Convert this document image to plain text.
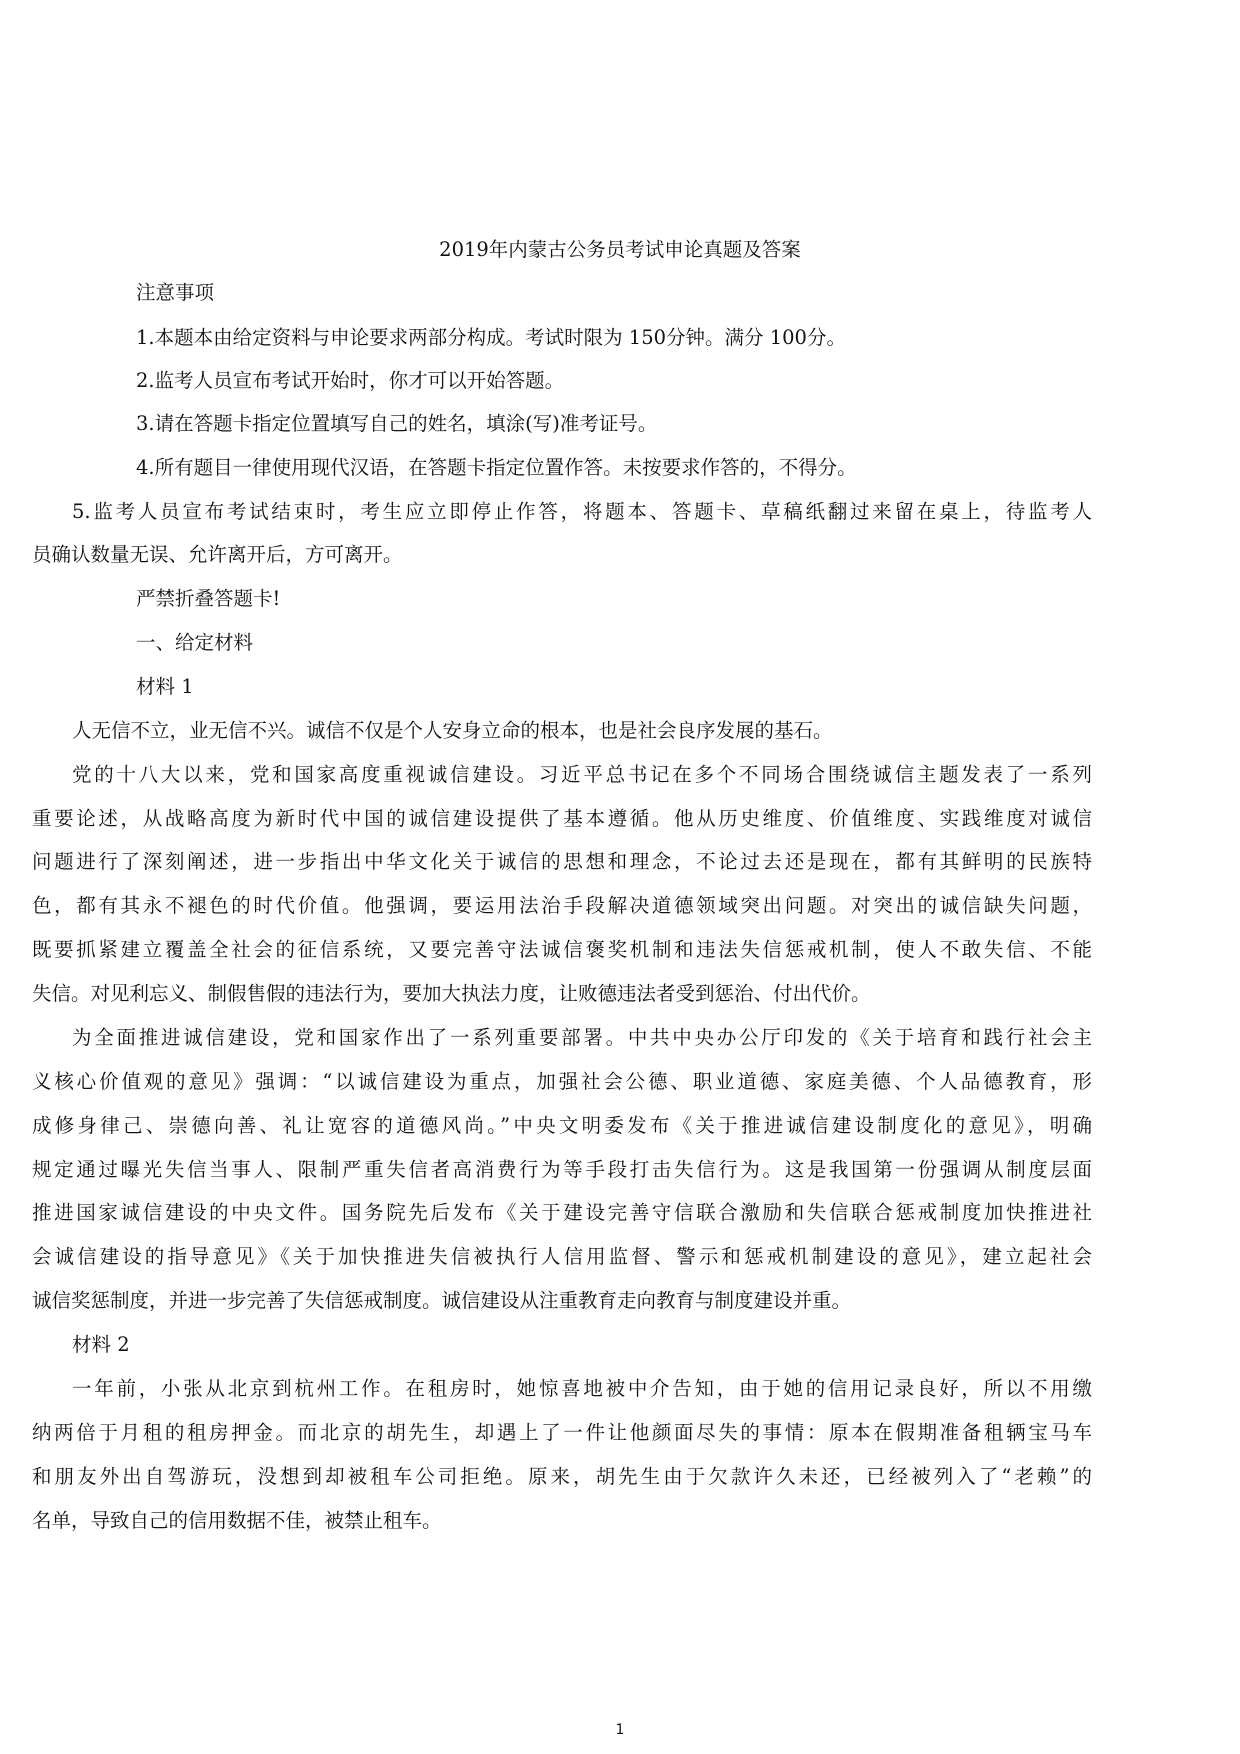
2019年内蒙古公务员考试申论真题及答案
注意事项
1.本题本由给定资料与申论要求两部分构成。考试时限为 150分钟。满分 100分。
2.监考人员宣布考试开始时，你才可以开始答题。
3.请在答题卡指定位置填写自己的姓名，填涂(写)准考证号。
4.所有题目一律使用现代汉语，在答题卡指定位置作答。未按要求作答的，不得分。
5.监考人员宣布考试结束时，考生应立即停止作答，将题本、答题卡、草稿纸翻过来留在桌上，待监考人
员确认数量无误、允许离开后，方可离开。
严禁折叠答题卡!
一、给定材料
材料 1
人无信不立，业无信不兴。诚信不仅是个人安身立命的根本，也是社会良序发展的基石。
党的十八大以来，党和国家高度重视诚信建设。习近平总书记在多个不同场合围绕诚信主题发表了一系列
重要论述，从战略高度为新时代中国的诚信建设提供了基本遵循。他从历史维度、价值维度、实践维度对诚信
问题进行了深刻阐述，进一步指出中华文化关于诚信的思想和理念，不论过去还是现在，都有其鲜明的民族特
色，都有其永不褪色的时代价值。他强调，要运用法治手段解决道德领域突出问题。对突出的诚信缺失问题，
既要抓紧建立覆盖全社会的征信系统，又要完善守法诚信褒奖机制和违法失信惩戒机制，使人不敢失信、不能
失信。对见利忘义、制假售假的违法行为，要加大执法力度，让败德违法者受到惩治、付出代价。
为全面推进诚信建设，党和国家作出了一系列重要部署。中共中央办公厅印发的《关于培育和践行社会主
义核心价值观的意见》强调：“以诚信建设为重点，加强社会公德、职业道德、家庭美德、个人品德教育，形
成修身律己、崇德向善、礼让宽容的道德风尚。”中央文明委发布《关于推进诚信建设制度化的意见》，明确
规定通过曝光失信当事人、限制严重失信者高消费行为等手段打击失信行为。这是我国第一份强调从制度层面
推进国家诚信建设的中央文件。国务院先后发布《关于建设完善守信联合激励和失信联合惩戒制度加快推进社
会诚信建设的指导意见》《关于加快推进失信被执行人信用监督、警示和惩戒机制建设的意见》，建立起社会
诚信奖惩制度，并进一步完善了失信惩戒制度。诚信建设从注重教育走向教育与制度建设并重。
材料 2
一年前，小张从北京到杭州工作。在租房时，她惊喜地被中介告知，由于她的信用记录良好，所以不用缴
纳两倍于月租的租房押金。而北京的胡先生，却遇上了一件让他颜面尽失的事情：原本在假期准备租辆宝马车
和朋友外出自驾游玩，没想到却被租车公司拒绝。原来，胡先生由于欠款许久未还，已经被列入了“老赖”的
名单，导致自己的信用数据不佳，被禁止租车。
1
